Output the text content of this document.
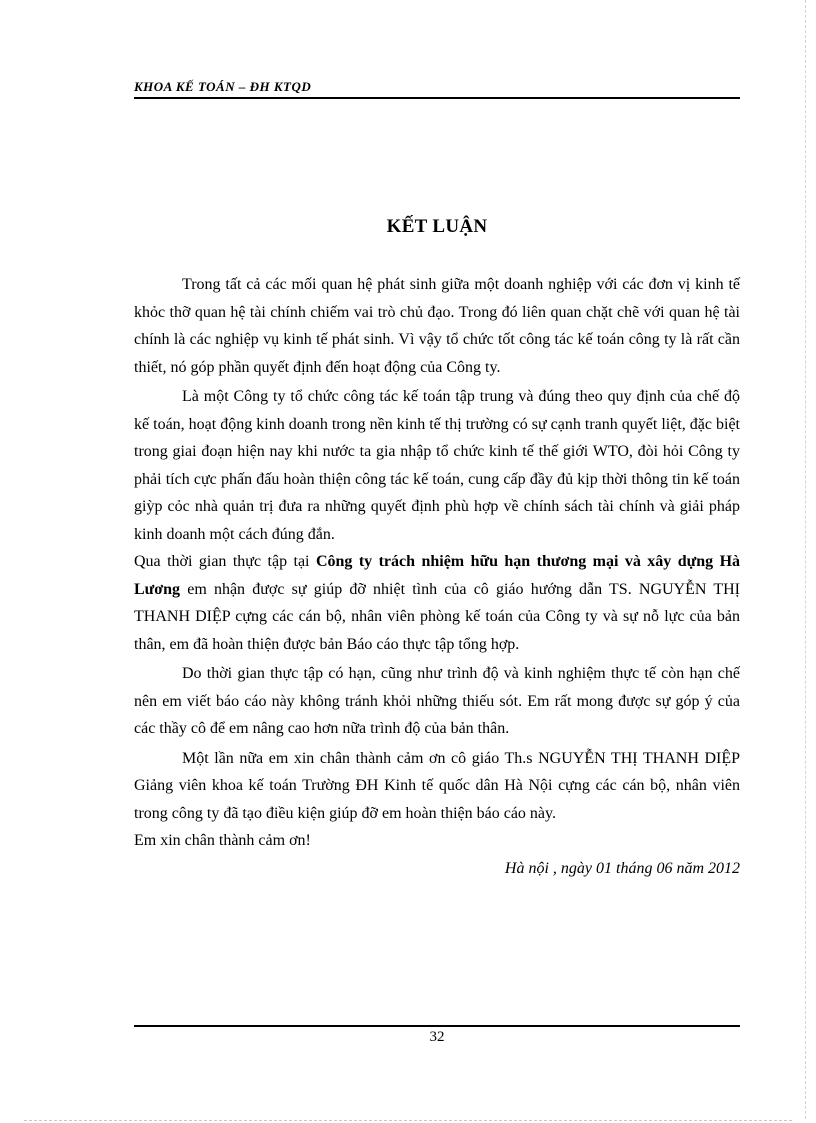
KHOA KẾ TOÁN – ĐH KTQD
KẾT LUẬN

Trong tất cả các mối quan hệ phát sinh giữa một doanh nghiệp với các đơn vị kinh tế khỏc thỡ quan hệ tài chính chiếm vai trò chủ đạo. Trong đó liên quan chặt chẽ với quan hệ tài chính là các nghiệp vụ kinh tế phát sinh. Vì vậy tổ chức tốt công tác kế toán công ty là rất cần thiết, nó góp phần quyết định đến hoạt động của Công ty.

Là một Công ty tổ chức công tác kế toán tập trung và đúng theo quy định của chế độ kế toán, hoạt động kinh doanh trong nền kinh tế thị trường có sự cạnh tranh quyết liệt, đặc biệt trong giai đoạn hiện nay khi nước ta gia nhập tổ chức kinh tế thế giới WTO, đòi hỏi Công ty phải tích cực phấn đấu hoàn thiện công tác kế toán, cung cấp đầy đủ kịp thời thông tin kế toán giỳp cỏc nhà quản trị đưa ra những quyết định phù hợp về chính sách tài chính và giải pháp kinh doanh một cách đúng đắn.

Qua thời gian thực tập tại Công ty trách nhiệm hữu hạn thương mại và xây dựng Hà Lương em nhận được sự giúp đỡ nhiệt tình của cô giáo hướng dẫn TS. NGUYỄN THỊ THANH DIỆP cựng các cán bộ, nhân viên phòng kế toán của Công ty và sự nỗ lực của bản thân, em đã hoàn thiện được bản Báo cáo thực tập tổng hợp.

Do thời gian thực tập có hạn, cũng như trình độ và kinh nghiệm thực tế còn hạn chế nên em viết báo cáo này không tránh khỏi những thiếu sót. Em rất mong được sự góp ý của các thầy cô để em nâng cao hơn nữa trình độ của bản thân.

Một lần nữa em xin chân thành cảm ơn cô giáo Th.s NGUYỄN THỊ THANH DIỆP Giảng viên khoa kế toán Trường ĐH Kinh tế quốc dân Hà Nội cựng các cán bộ, nhân viên trong công ty đã tạo điều kiện giúp đỡ em hoàn thiện báo cáo này.

Em xin chân thành cảm ơn!

Hà nội , ngày 01 tháng 06 năm 2012

32
